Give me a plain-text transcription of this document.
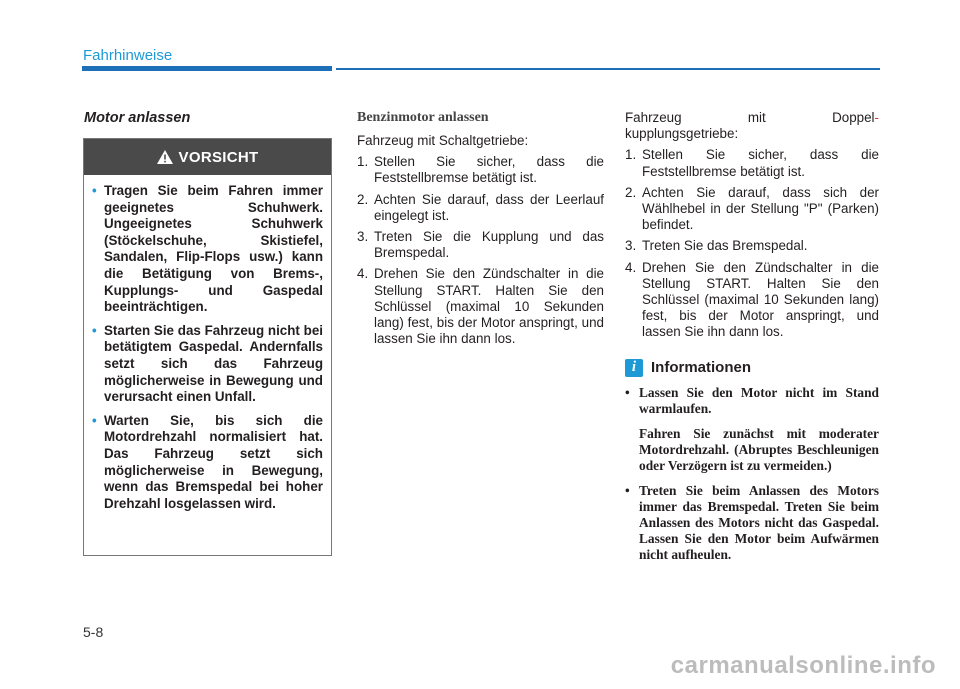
Fahrhinweise
Motor anlassen
VORSICHT
• Tragen Sie beim Fahren immer geeignetes Schuhwerk. Ungeeignetes Schuhwerk (Stöckelschuhe, Skistiefel, Sandalen, Flip-Flops usw.) kann die Betätigung von Brems-, Kupplungs- und Gaspedal beeinträchtigen.
• Starten Sie das Fahrzeug nicht bei betätigtem Gaspedal. Andernfalls setzt sich das Fahrzeug möglicherweise in Bewegung und verursacht einen Unfall.
• Warten Sie, bis sich die Motordrehzahl normalisiert hat. Das Fahrzeug setzt sich möglicherweise in Bewegung, wenn das Bremspedal bei hoher Drehzahl losgelassen wird.
Benzinmotor anlassen
Fahrzeug mit Schaltgetriebe:
1. Stellen Sie sicher, dass die Feststellbremse betätigt ist.
2. Achten Sie darauf, dass der Leerlauf eingelegt ist.
3. Treten Sie die Kupplung und das Bremspedal.
4. Drehen Sie den Zündschalter in die Stellung START. Halten Sie den Schlüssel (maximal 10 Sekunden lang) fest, bis der Motor anspringt, und lassen Sie ihn dann los.
Fahrzeug mit Doppel-
kupplungsgetriebe:
1. Stellen Sie sicher, dass die Feststellbremse betätigt ist.
2. Achten Sie darauf, dass sich der Wählhebel in der Stellung "P" (Parken) befindet.
3. Treten Sie das Bremspedal.
4. Drehen Sie den Zündschalter in die Stellung START. Halten Sie den Schlüssel (maximal 10 Sekunden lang) fest, bis der Motor anspringt, und lassen Sie ihn dann los.
i Informationen
• Lassen Sie den Motor nicht im Stand warmlaufen.
Fahren Sie zunächst mit moderater Motordrehzahl. (Abruptes Beschleunigen oder Verzögern ist zu vermeiden.)
• Treten Sie beim Anlassen des Motors immer das Bremspedal. Treten Sie beim Anlassen des Motors nicht das Gaspedal. Lassen Sie den Motor beim Aufwärmen nicht aufheulen.
5-8
carmanualsonline.info
